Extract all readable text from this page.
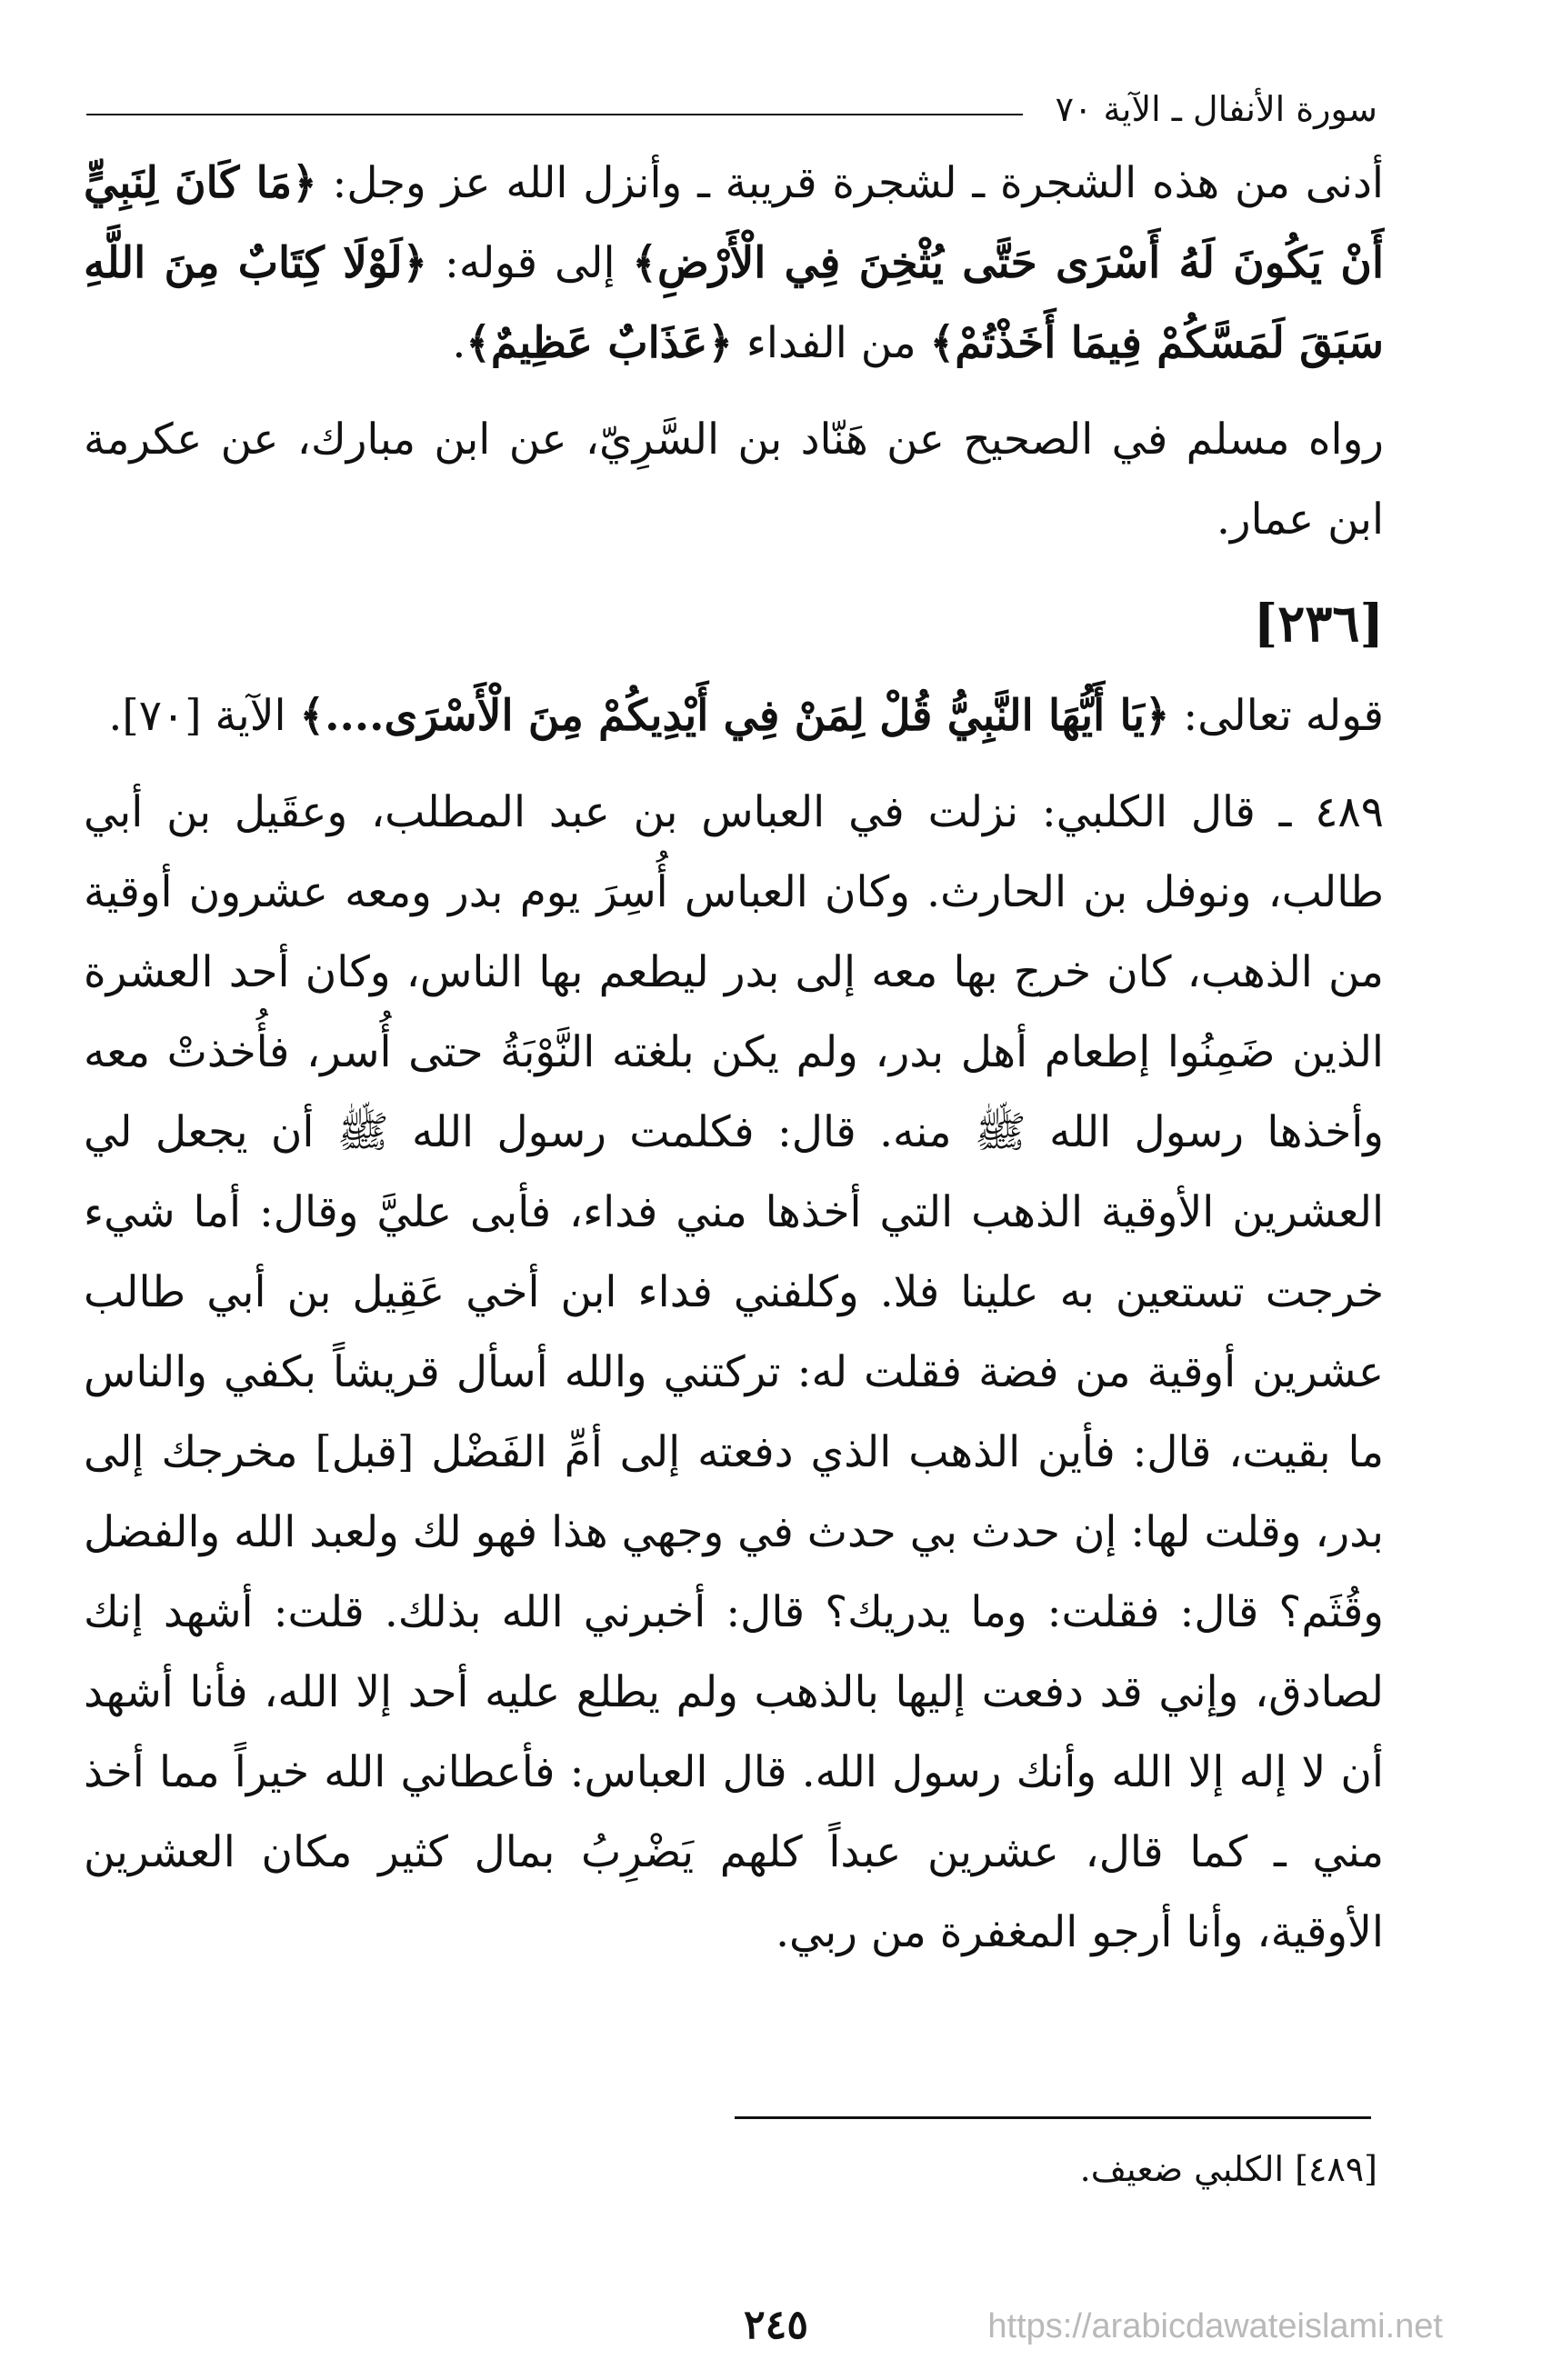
سورة الأنفال ـ الآية ٧٠

أدنى من هذه الشجرة ـ لشجرة قريبة ـ وأنزل الله عز وجل: ﴿مَا كَانَ لِنَبِيٍّ أَنْ يَكُونَ لَهُ أَسْرَى حَتَّى يُثْخِنَ فِي الْأَرْضِ﴾ إلى قوله: ﴿لَوْلَا كِتَابٌ مِنَ اللَّهِ سَبَقَ لَمَسَّكُمْ فِيمَا أَخَذْتُمْ﴾ من الفداء ﴿عَذَابٌ عَظِيمٌ﴾.

رواه مسلم في الصحيح عن هَنّاد بن السَّرِيّ، عن ابن مبارك، عن عكرمة ابن عمار.

[٢٣٦]

قوله تعالى: ﴿يَا أَيُّهَا النَّبِيُّ قُلْ لِمَنْ فِي أَيْدِيكُمْ مِنَ الْأَسْرَى....﴾ الآية [٧٠].

٤٨٩ ـ قال الكلبي: نزلت في العباس بن عبد المطلب، وعقَيل بن أبي طالب، ونوفل بن الحارث. وكان العباس أُسِرَ يوم بدر ومعه عشرون أوقية من الذهب، كان خرج بها معه إلى بدر ليطعم بها الناس، وكان أحد العشرة الذين ضَمِنُوا إطعام أهل بدر، ولم يكن بلغته النَّوْبَةُ حتى أُسر، فأُخذتْ معه وأخذها رسول الله ﷺ منه. قال: فكلمت رسول الله ﷺ أن يجعل لي العشرين الأوقية الذهب التي أخذها مني فداء، فأبى عليَّ وقال: أما شيء خرجت تستعين به علينا فلا. وكلفني فداء ابن أخي عَقِيل بن أبي طالب عشرين أوقية من فضة فقلت له: تركتني والله أسأل قريشاً بكفي والناس ما بقيت، قال: فأين الذهب الذي دفعته إلى أمِّ الفَضْل [قبل] مخرجك إلى بدر، وقلت لها: إن حدث بي حدث في وجهي هذا فهو لك ولعبد الله والفضل وقُثَم؟ قال: فقلت: وما يدريك؟ قال: أخبرني الله بذلك. قلت: أشهد إنك لصادق، وإني قد دفعت إليها بالذهب ولم يطلع عليه أحد إلا الله، فأنا أشهد أن لا إله إلا الله وأنك رسول الله. قال العباس: فأعطاني الله خيراً مما أخذ مني ـ كما قال، عشرين عبداً كلهم يَضْرِبُ بمال كثير مكان العشرين الأوقية، وأنا أرجو المغفرة من ربي.

[٤٨٩] الكلبي ضعيف.
٢٤٥	https://arabicdawateislami.net
